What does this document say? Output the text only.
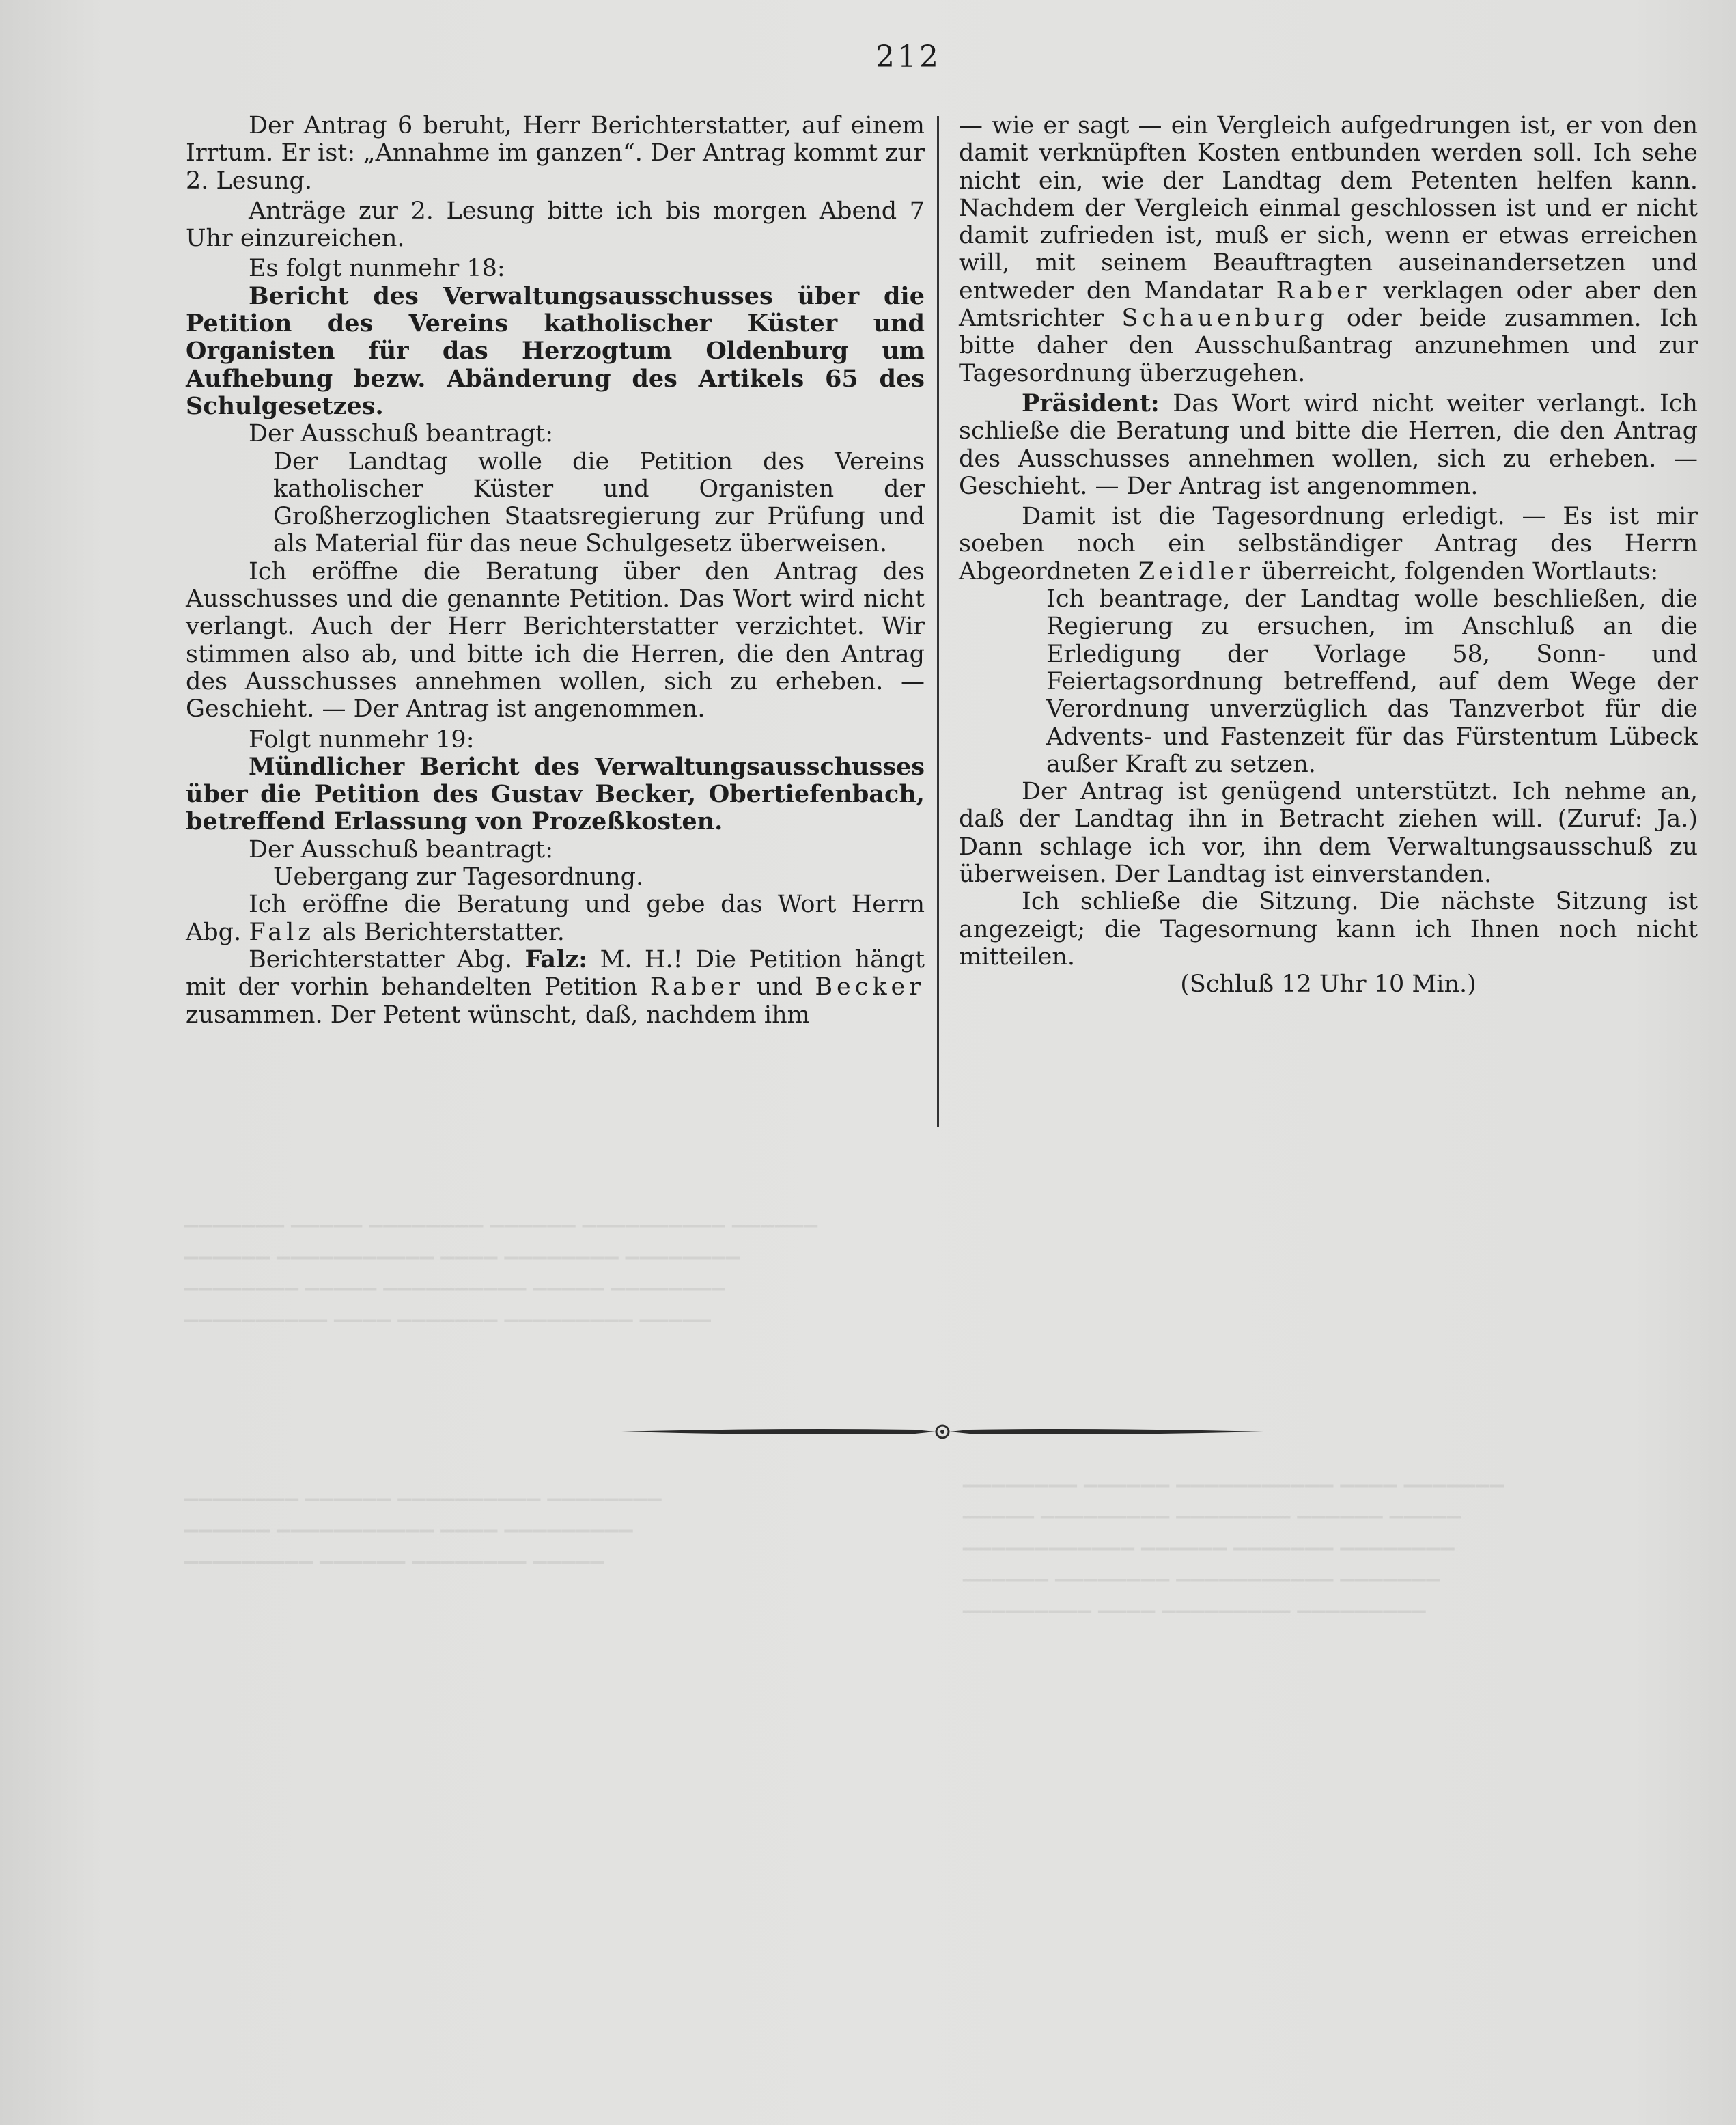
▁▁▁▁▁▁▁ ▁▁▁▁▁ ▁▁▁▁▁▁▁▁ ▁▁▁▁▁▁ ▁▁▁▁▁▁▁▁▁▁ ▁▁▁▁▁▁
▁▁▁▁▁▁ ▁▁▁▁▁▁▁▁▁▁▁ ▁▁▁▁ ▁▁▁▁▁▁▁▁ ▁▁▁▁▁▁▁▁
▁▁▁▁▁▁▁▁ ▁▁▁▁▁ ▁▁▁▁▁▁▁▁▁▁ ▁▁▁▁▁ ▁▁▁▁▁▁▁▁
▁▁▁▁▁▁▁▁▁▁ ▁▁▁▁ ▁▁▁▁▁▁▁ ▁▁▁▁▁▁▁▁▁ ▁▁▁▁▁
▁▁▁▁▁▁▁▁ ▁▁▁▁▁▁ ▁▁▁▁▁▁▁▁▁▁▁ ▁▁▁▁ ▁▁▁▁▁▁▁
▁▁▁▁▁ ▁▁▁▁▁▁▁▁▁ ▁▁▁▁▁▁▁▁ ▁▁▁▁▁▁ ▁▁▁▁▁
▁▁▁▁▁▁▁▁▁▁▁▁ ▁▁▁▁▁▁ ▁▁▁▁▁▁▁ ▁▁▁▁▁▁▁▁
▁▁▁▁▁▁ ▁▁▁▁▁▁▁▁ ▁▁▁▁▁▁▁▁▁▁▁ ▁▁▁▁▁▁▁
▁▁▁▁▁▁▁▁▁ ▁▁▁▁ ▁▁▁▁▁▁▁▁▁ ▁▁▁▁▁▁▁▁▁
▁▁▁▁▁▁▁▁ ▁▁▁▁▁▁ ▁▁▁▁▁▁▁▁▁▁ ▁▁▁▁▁▁▁▁
▁▁▁▁▁▁ ▁▁▁▁▁▁▁▁▁▁▁ ▁▁▁▁ ▁▁▁▁▁▁▁▁▁
▁▁▁▁▁▁▁▁▁ ▁▁▁▁▁▁ ▁▁▁▁▁▁▁▁ ▁▁▁▁▁
212

Der Antrag 6 beruht, Herr Berichterstatter, auf einem Irrtum. Er ist: „Annahme im ganzen“. Der Antrag kommt zur 2. Lesung.

Anträge zur 2. Lesung bitte ich bis morgen Abend 7 Uhr einzureichen.

Es folgt nunmehr 18:

Bericht des Verwaltungsausschusses über die Petition des Vereins katholischer Küster und Organisten für das Herzogtum Oldenburg um Aufhebung bezw. Abänderung des Artikels 65 des Schulgesetzes.

Der Ausschuß beantragt:

Der Landtag wolle die Petition des Vereins katholischer Küster und Organisten der Großherzoglichen Staatsregierung zur Prüfung und als Material für das neue Schulgesetz überweisen.

Ich eröffne die Beratung über den Antrag des Ausschusses und die genannte Petition. Das Wort wird nicht verlangt. Auch der Herr Berichterstatter verzichtet. Wir stimmen also ab, und bitte ich die Herren, die den Antrag des Ausschusses annehmen wollen, sich zu erheben. — Geschieht. — Der Antrag ist angenommen.

Folgt nunmehr 19:

Mündlicher Bericht des Verwaltungsausschusses über die Petition des Gustav Becker, Obertiefenbach, betreffend Erlassung von Prozeßkosten.

Der Ausschuß beantragt:

Uebergang zur Tagesordnung.

Ich eröffne die Beratung und gebe das Wort Herrn Abg. Falz als Berichterstatter.

Berichterstatter Abg. Falz: M. H.! Die Petition hängt mit der vorhin behandelten Petition Raber und Becker zusammen. Der Petent wünscht, daß, nachdem ihm

— wie er sagt — ein Vergleich aufgedrungen ist, er von den damit verknüpften Kosten entbunden werden soll. Ich sehe nicht ein, wie der Landtag dem Petenten helfen kann. Nachdem der Vergleich einmal geschlossen ist und er nicht damit zufrieden ist, muß er sich, wenn er etwas erreichen will, mit seinem Beauftragten auseinandersetzen und entweder den Mandatar Raber verklagen oder aber den Amtsrichter Schauenburg oder beide zusammen. Ich bitte daher den Ausschußantrag anzunehmen und zur Tagesordnung überzugehen.

Präsident: Das Wort wird nicht weiter verlangt. Ich schließe die Beratung und bitte die Herren, die den Antrag des Ausschusses annehmen wollen, sich zu erheben. — Geschieht. — Der Antrag ist angenommen.

Damit ist die Tagesordnung erledigt. — Es ist mir soeben noch ein selbständiger Antrag des Herrn Abgeordneten Zeidler überreicht, folgenden Wortlauts:

Ich beantrage, der Landtag wolle beschließen, die Regierung zu ersuchen, im Anschluß an die Erledigung der Vorlage 58, Sonn- und Feiertagsordnung betreffend, auf dem Wege der Verordnung unverzüglich das Tanzverbot für die Advents- und Fastenzeit für das Fürstentum Lübeck außer Kraft zu setzen.

Der Antrag ist genügend unterstützt. Ich nehme an, daß der Landtag ihn in Betracht ziehen will. (Zuruf: Ja.) Dann schlage ich vor, ihn dem Verwaltungsausschuß zu überweisen. Der Landtag ist einverstanden.

Ich schließe die Sitzung. Die nächste Sitzung ist angezeigt; die Tagesornung kann ich Ihnen noch nicht mitteilen.

(Schluß 12 Uhr 10 Min.)
